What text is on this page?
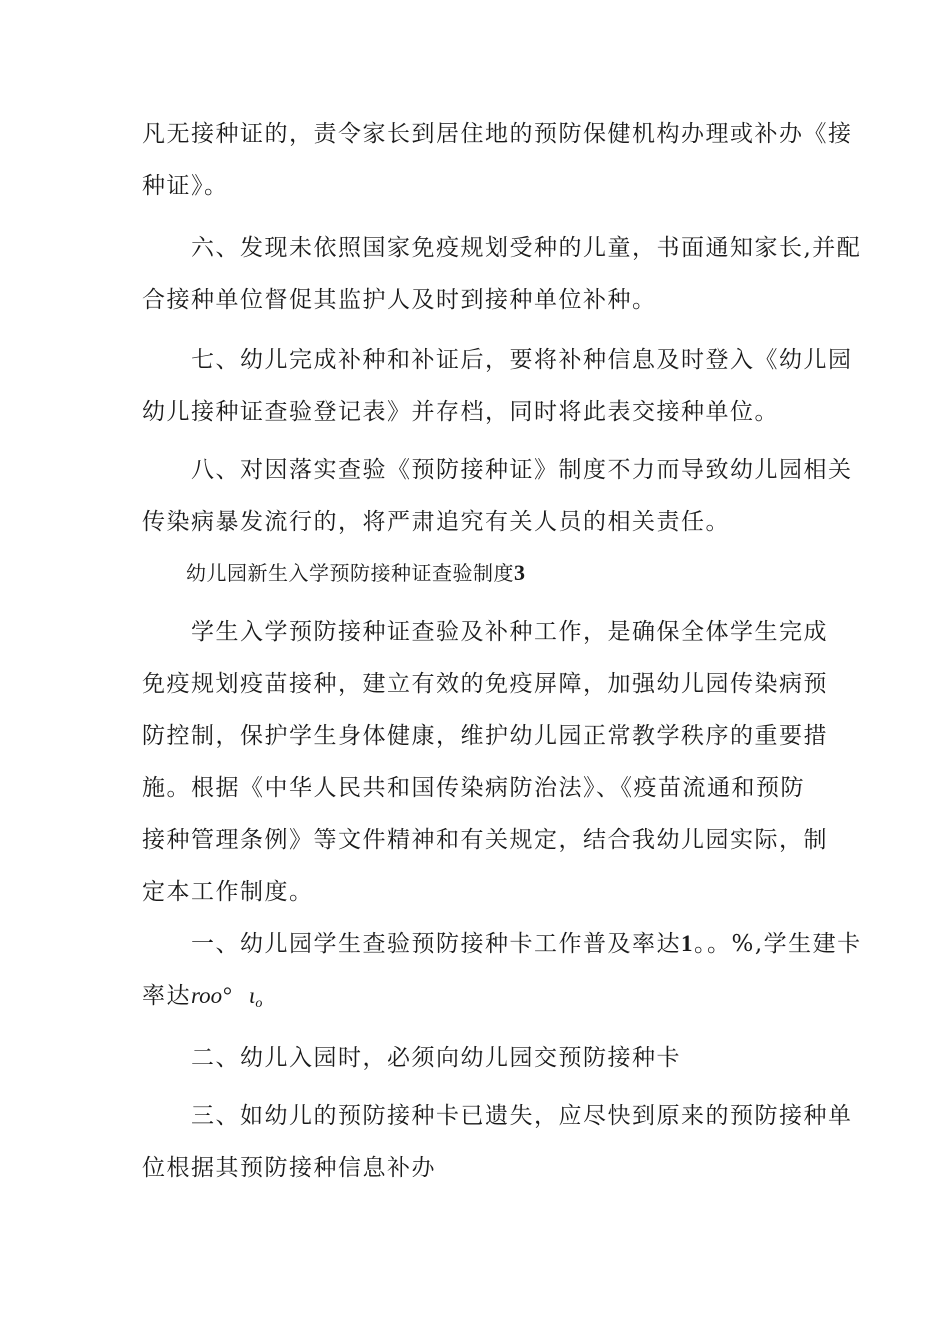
凡无接种证的，责令家长到居住地的预防保健机构办理或补办《接
种证》。

　　六、发现未依照国家免疫规划受种的儿童，书面通知家长,并配
合接种单位督促其监护人及时到接种单位补种。

　　七、幼儿完成补种和补证后，要将补种信息及时登入《幼儿园
幼儿接种证查验登记表》并存档，同时将此表交接种单位。

　　八、对因落实查验《预防接种证》制度不力而导致幼儿园相关
传染病暴发流行的，将严肃追究有关人员的相关责任。

幼儿园新生入学预防接种证查验制度3

　　学生入学预防接种证查验及补种工作，是确保全体学生完成
免疫规划疫苗接种，建立有效的免疫屏障，加强幼儿园传染病预
防控制，保护学生身体健康，维护幼儿园正常教学秩序的重要措
施。根据《中华人民共和国传染病防治法》、《疫苗流通和预防
接种管理条例》等文件精神和有关规定，结合我幼儿园实际，制
定本工作制度。

　　一、幼儿园学生查验预防接种卡工作普及率达1。。%,学生建卡
率达roo° ιo

　　二、幼儿入园时，必须向幼儿园交预防接种卡

　　三、如幼儿的预防接种卡已遗失，应尽快到原来的预防接种单
位根据其预防接种信息补办
